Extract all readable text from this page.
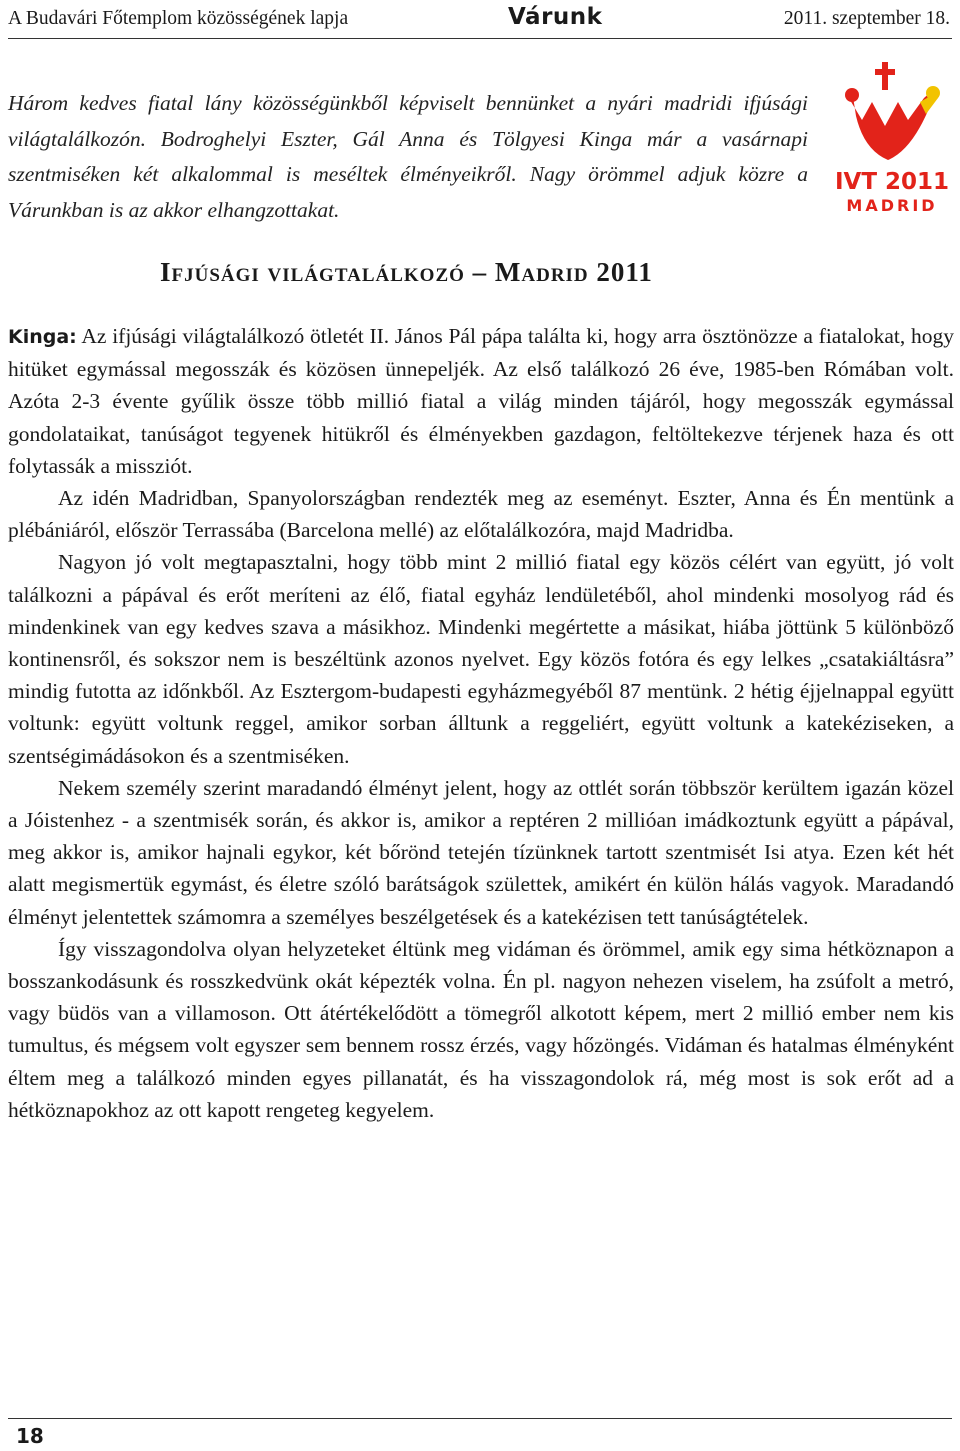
A Budavári Főtemplom közösségének lapja	Várunk	2011. szeptember 18.

Három kedves fiatal lány közösségünkből képviselt bennünket a nyári madridi ifjúsági világtalálkozón. Bodroghelyi Eszter, Gál Anna és Tölgyesi Kinga már a vasárnapi szentmiséken két alkalommal is meséltek élményeikről. Nagy örömmel adjuk közre a Várunkban is az akkor elhangzottakat.

IVT 2011
MADRID
Ifjúsági világtalálkozó – Madrid 2011

Kinga: Az ifjúsági világtalálkozó ötletét II. János Pál pápa találta ki, hogy arra ösztönözze a fiatalokat, hogy hitüket egymással megosszák és közösen ünnepeljék. Az első találkozó 26 éve, 1985-ben Rómában volt. Azóta 2-3 évente gyűlik össze több millió fiatal a világ minden tájáról, hogy megosszák egymással gondolataikat, tanúságot tegyenek hitükről és élményekben gazdagon, feltöltekezve térjenek haza és ott folytassák a missziót.

Az idén Madridban, Spanyolországban rendezték meg az eseményt. Eszter, Anna és Én mentünk a plébániáról, először Terrassába (Barcelona mellé) az előtalálkozóra, majd Madridba.

Nagyon jó volt megtapasztalni, hogy több mint 2 millió fiatal egy közös célért van együtt, jó volt találkozni a pápával és erőt meríteni az élő, fiatal egyház lendületéből, ahol mindenki mosolyog rád és mindenkinek van egy kedves szava a másikhoz. Mindenki megértette a másikat, hiába jöttünk 5 különböző kontinensről, és sokszor nem is beszéltünk azonos nyelvet. Egy közös fotóra és egy lelkes „csatakiáltásra” mindig futotta az időnkből. Az Esztergom-budapesti egyházmegyéből 87 mentünk. 2 hétig éjjelnappal együtt voltunk: együtt voltunk reggel, amikor sorban álltunk a reggeliért, együtt voltunk a katekéziseken, a szentségimádásokon és a szentmiséken.

Nekem személy szerint maradandó élményt jelent, hogy az ottlét során többször kerültem igazán közel a Jóistenhez - a szentmisék során, és akkor is, amikor a reptéren 2 millióan imádkoztunk együtt a pápával, meg akkor is, amikor hajnali egykor, két bőrönd tetején tízünknek tartott szentmisét Isi atya. Ezen két hét alatt megismertük egymást, és életre szóló barátságok születtek, amikért én külön hálás vagyok. Maradandó élményt jelentettek számomra a személyes beszélgetések és a katekézisen tett tanúságtételek.

Így visszagondolva olyan helyzeteket éltünk meg vidáman és örömmel, amik egy sima hétköznapon a bosszankodásunk és rosszkedvünk okát képezték volna. Én pl. nagyon nehezen viselem, ha zsúfolt a metró, vagy büdös van a villamoson. Ott átértékelődött a tömegről alkotott képem, mert 2 millió ember nem kis tumultus, és mégsem volt egyszer sem bennem rossz érzés, vagy hőzöngés. Vidáman és hatalmas élményként éltem meg a találkozó minden egyes pillanatát, és ha visszagondolok rá, még most is sok erőt ad a hétköznapokhoz az ott kapott rengeteg kegyelem.

18
